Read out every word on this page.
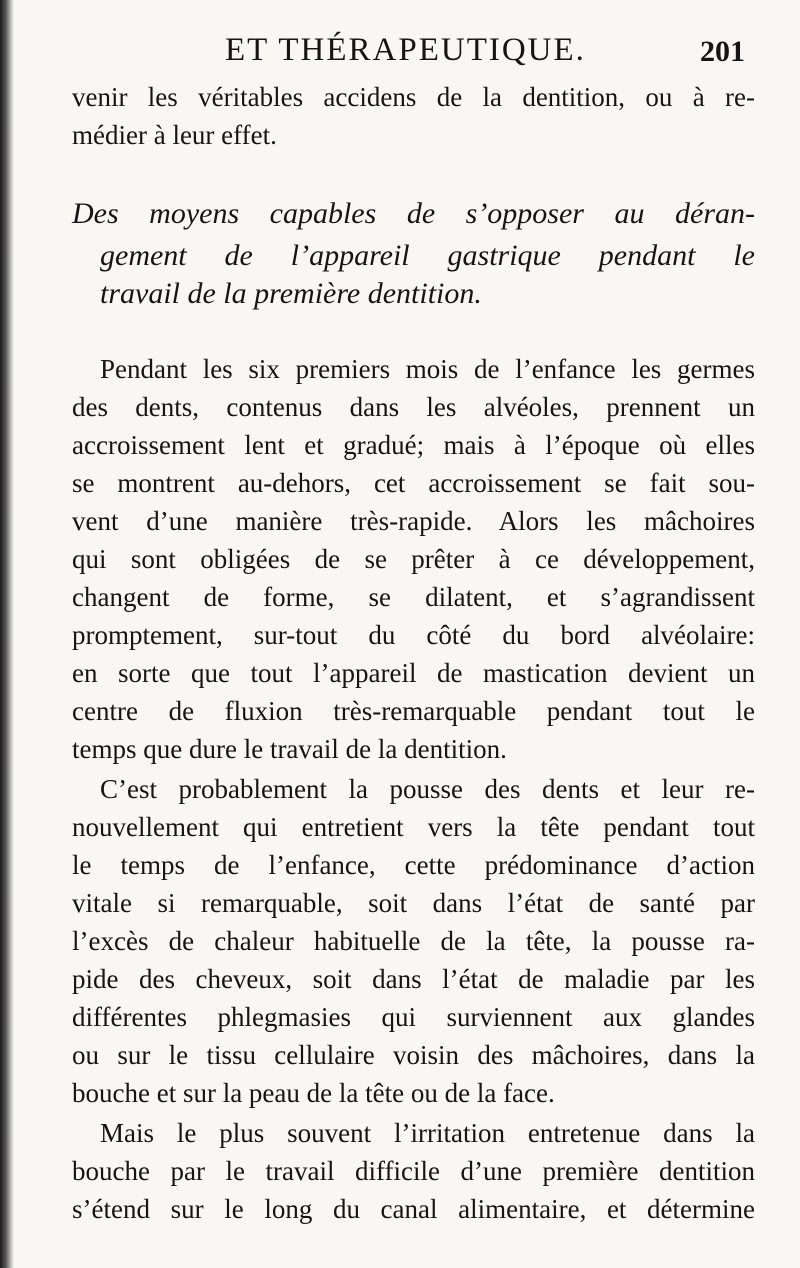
ET THÉRAPEUTIQUE.	201
venir les véritables accidens de la dentition, ou à re-
médier à leur effet.
Des moyens capables de s’opposer au déran-
gement de l’appareil gastrique pendant le
travail de la première dentition.
Pendant les six premiers mois de l’enfance les germes
des dents, contenus dans les alvéoles, prennent un
accroissement lent et gradué; mais à l’époque où elles
se montrent au-dehors, cet accroissement se fait sou-
vent d’une manière très-rapide. Alors les mâchoires
qui sont obligées de se prêter à ce développement,
changent de forme, se dilatent, et s’agrandissent
promptement, sur-tout du côté du bord alvéolaire:
en sorte que tout l’appareil de mastication devient un
centre de fluxion très-remarquable pendant tout le
temps que dure le travail de la dentition.
C’est probablement la pousse des dents et leur re-
nouvellement qui entretient vers la tête pendant tout
le temps de l’enfance, cette prédominance d’action
vitale si remarquable, soit dans l’état de santé par
l’excès de chaleur habituelle de la tête, la pousse ra-
pide des cheveux, soit dans l’état de maladie par les
différentes phlegmasies qui surviennent aux glandes
ou sur le tissu cellulaire voisin des mâchoires, dans la
bouche et sur la peau de la tête ou de la face.
Mais le plus souvent l’irritation entretenue dans la
bouche par le travail difficile d’une première dentition
s’étend sur le long du canal alimentaire, et détermine
